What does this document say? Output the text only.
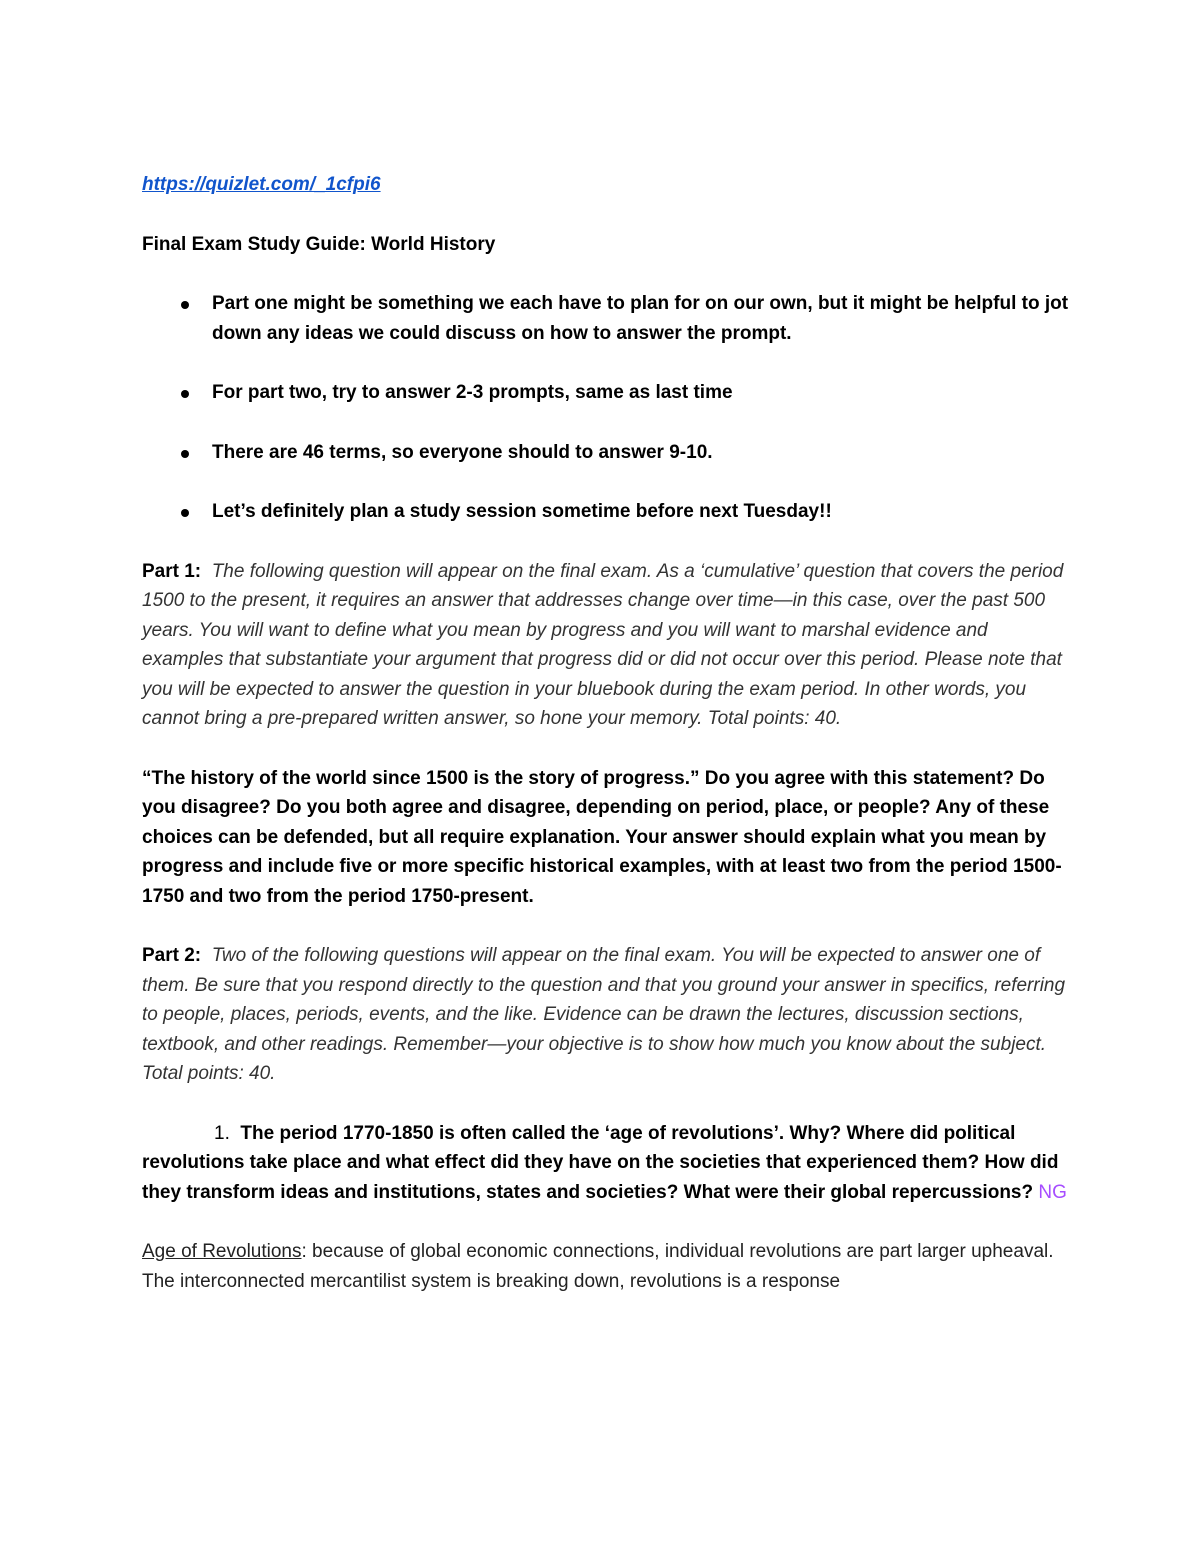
https://quizlet.com/_1cfpi6
Final Exam Study Guide: World History
Part one might be something we each have to plan for on our own, but it might be helpful to jot down any ideas we could discuss on how to answer the prompt.
For part two, try to answer 2-3 prompts, same as last time
There are 46 terms, so everyone should to answer 9-10.
Let’s definitely plan a study session sometime before next Tuesday!!
Part 1: The following question will appear on the final exam. As a ‘cumulative’ question that covers the period 1500 to the present, it requires an answer that addresses change over time—in this case, over the past 500 years. You will want to define what you mean by progress and you will want to marshal evidence and examples that substantiate your argument that progress did or did not occur over this period. Please note that you will be expected to answer the question in your bluebook during the exam period. In other words, you cannot bring a pre-prepared written answer, so hone your memory. Total points: 40.
“The history of the world since 1500 is the story of progress.” Do you agree with this statement? Do you disagree? Do you both agree and disagree, depending on period, place, or people? Any of these choices can be defended, but all require explanation. Your answer should explain what you mean by progress and include five or more specific historical examples, with at least two from the period 1500-1750 and two from the period 1750-present.
Part 2: Two of the following questions will appear on the final exam. You will be expected to answer one of them. Be sure that you respond directly to the question and that you ground your answer in specifics, referring to people, places, periods, events, and the like. Evidence can be drawn the lectures, discussion sections, textbook, and other readings. Remember—your objective is to show how much you know about the subject. Total points: 40.
1. The period 1770-1850 is often called the ‘age of revolutions’. Why? Where did political revolutions take place and what effect did they have on the societies that experienced them? How did they transform ideas and institutions, states and societies? What were their global repercussions? NG
Age of Revolutions: because of global economic connections, individual revolutions are part larger upheaval. The interconnected mercantilist system is breaking down, revolutions is a response
